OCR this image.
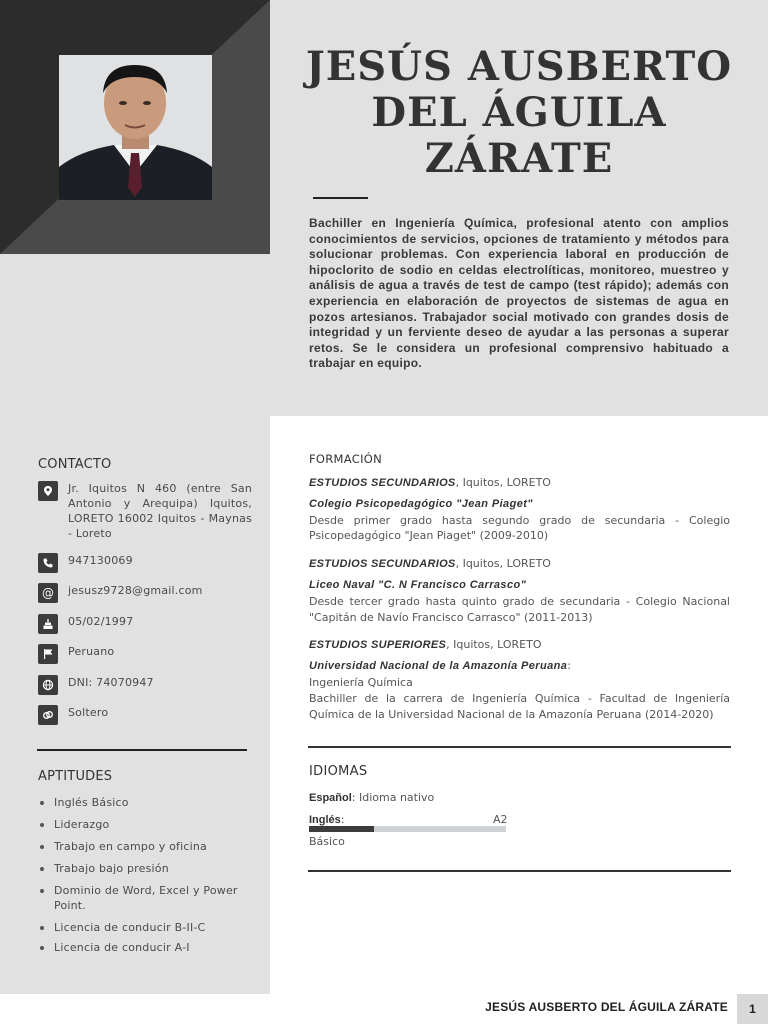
JESÚS AUSBERTO
DEL ÁGUILA
ZÁRATE

Bachiller en Ingeniería Química, profesional atento con amplios conocimientos de servicios, opciones de tratamiento y métodos para solucionar problemas. Con experiencia laboral en producción de hipoclorito de sodio en celdas electrolíticas, monitoreo, muestreo y análisis de agua a través de test de campo (test rápido); además con experiencia en elaboración de proyectos de sistemas de agua en pozos artesianos. Trabajador social motivado con grandes dosis de integridad y un ferviente deseo de ayudar a las personas a superar retos. Se le considera un profesional comprensivo habituado a trabajar en equipo.

CONTACTO
Jr. Iquitos N 460 (entre San Antonio y Arequipa) Iquitos, LORETO 16002 Iquitos - Maynas - Loreto
947130069
@ jesusz9728@gmail.com
05/02/1997
Peruano
DNI: 74070947
Soltero
APTITUDES
Inglés Básico
Liderazgo
Trabajo en campo y oficina
Trabajo bajo presión
Dominio de Word, Excel y Power Point.
Licencia de conducir B-II-C
Licencia de conducir A-I
FORMACIÓN
ESTUDIOS SECUNDARIOS, Iquitos, LORETO
Colegio Psicopedagógico "Jean Piaget"
Desde primer grado hasta segundo grado de secundaria - Colegio Psicopedagógico "Jean Piaget" (2009-2010)
ESTUDIOS SECUNDARIOS, Iquitos, LORETO
Liceo Naval "C. N Francisco Carrasco"
Desde tercer grado hasta quinto grado de secundaria - Colegio Nacional "Capitán de Navío Francisco Carrasco" (2011-2013)
ESTUDIOS SUPERIORES, Iquitos, LORETO
Universidad Nacional de la Amazonía Peruana:
Ingeniería Química
Bachiller de la carrera de Ingeniería Química - Facultad de Ingeniería Química de la Universidad Nacional de la Amazonía Peruana (2014-2020)
IDIOMAS
Español: Idioma nativo
Inglés:	A2
Básico
JESÚS AUSBERTO DEL ÁGUILA ZÁRATE	1
